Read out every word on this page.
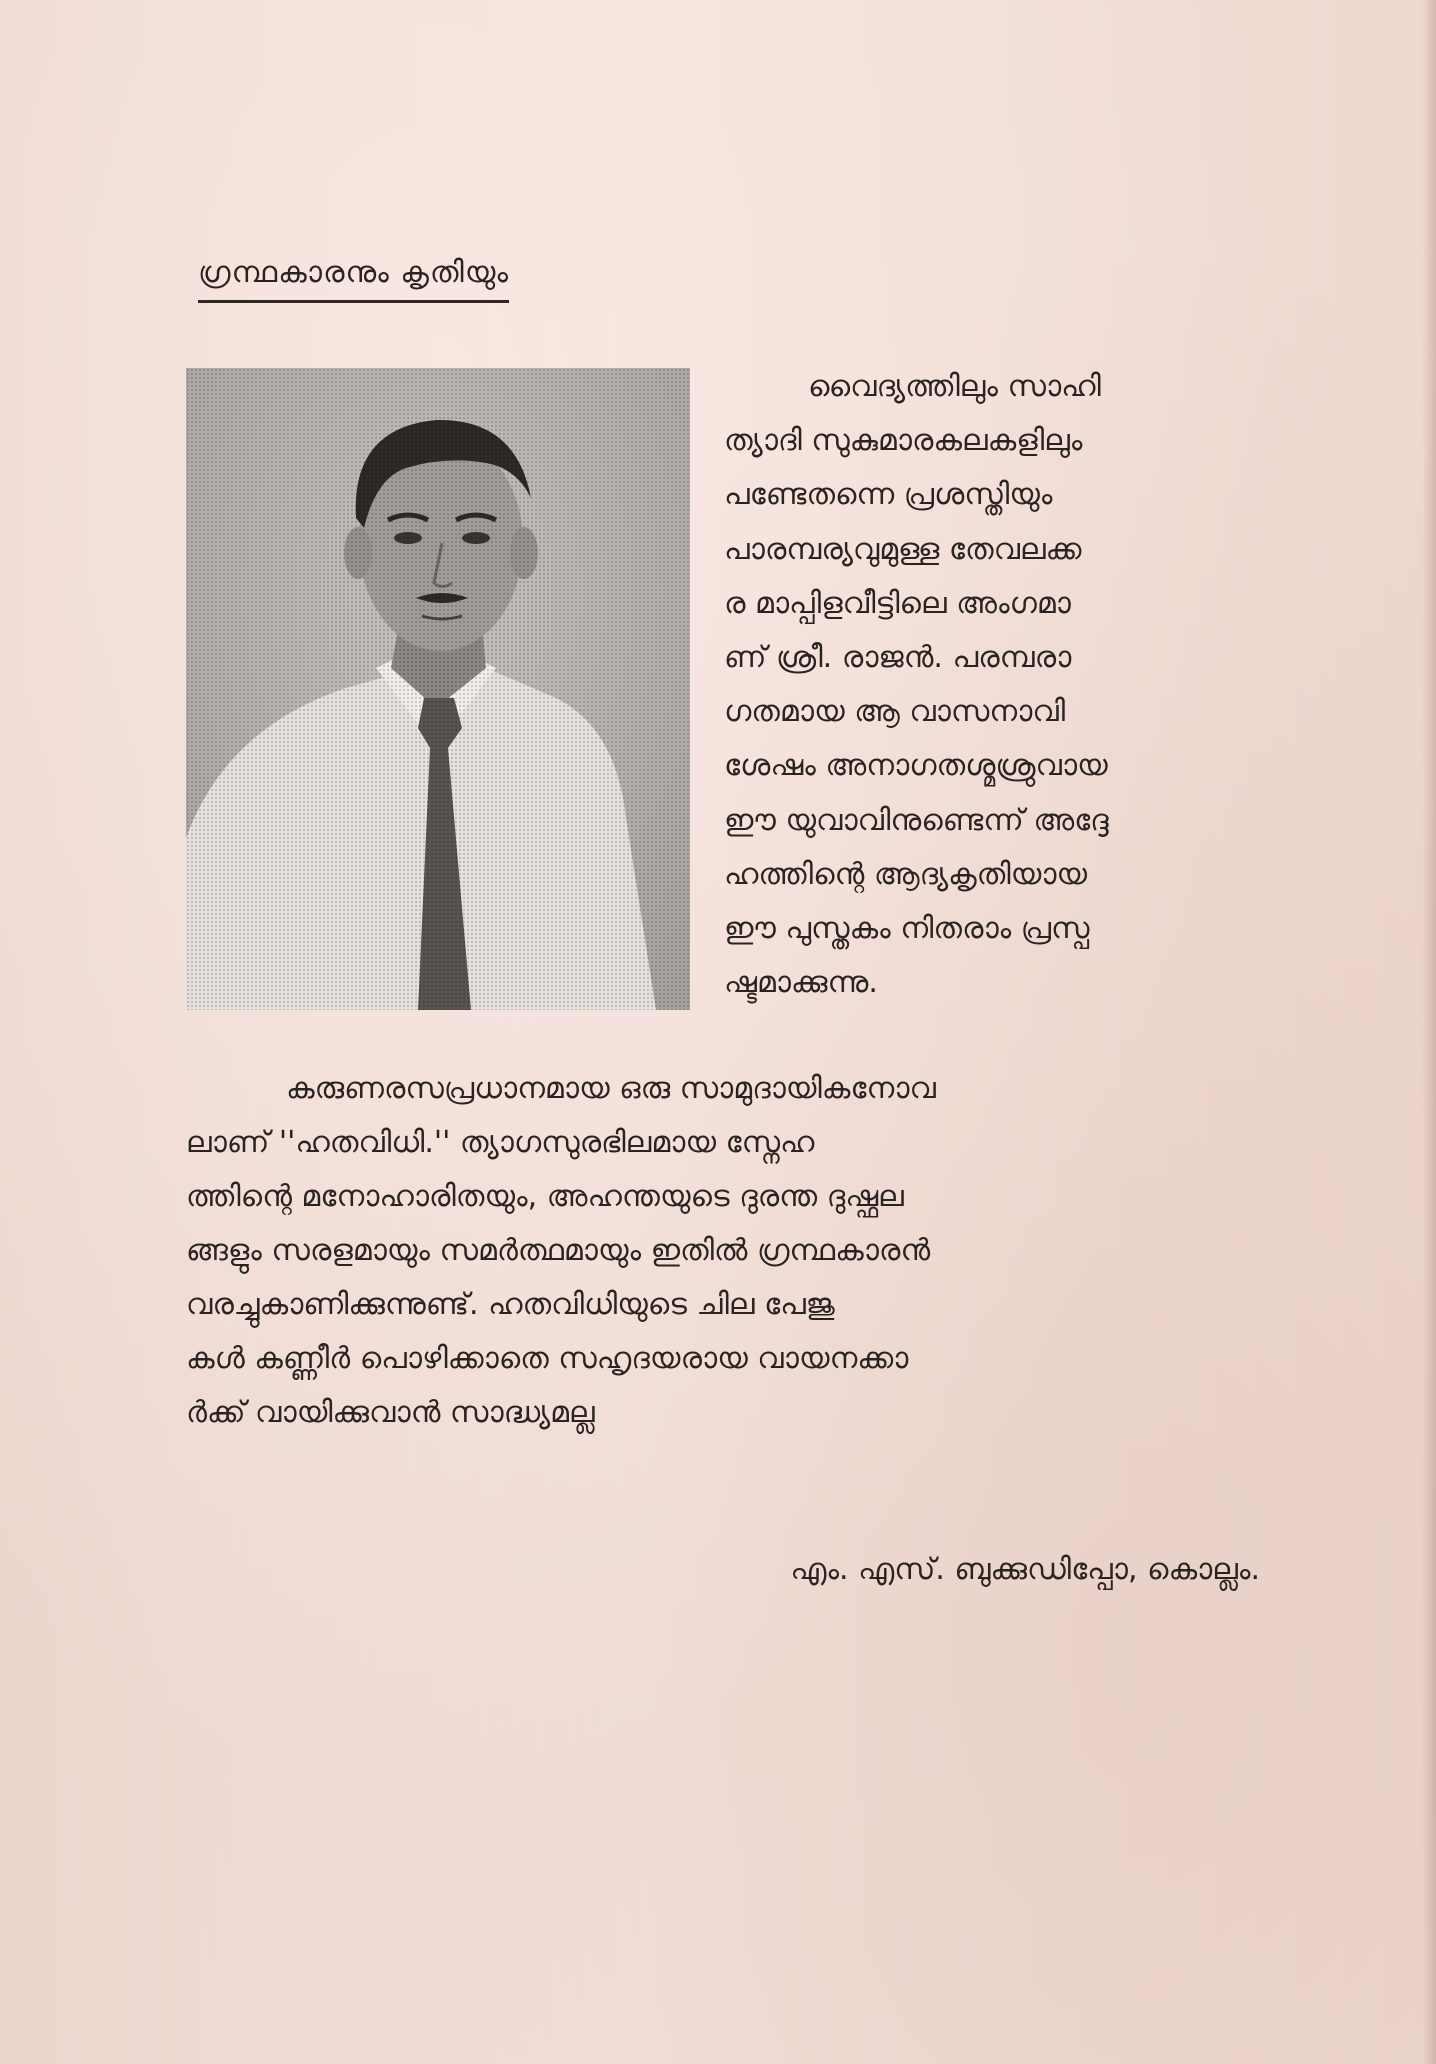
ഗ്രന്ഥകാരനും കൃതിയും
വൈദ്യത്തിലും സാഹി
ത്യാദി സുകുമാരകലകളിലും
പണ്ടേതന്നെ പ്രശസ്തിയും
പാരമ്പര്യവുമുള്ള തേവലക്ക
ര മാപ്പിളവീട്ടിലെ അംഗമാ
ണ് ശ്രീ. രാജൻ. പരമ്പരാ
ഗതമായ ആ വാസനാവി
ശേഷം അനാഗതശ്മശ്രുവായ
ഈ യുവാവിനുണ്ടെന്ന് അദ്ദേ
ഹത്തിന്റെ ആദ്യകൃതിയായ
ഈ പുസ്തകം നിതരാം പ്രസ്പ
ഷ്ടമാക്കുന്നു.
കരുണരസപ്രധാനമായ ഒരു സാമുദായികനോവ
ലാണ് ''ഹതവിധി.'' ത്യാഗസുരഭിലമായ സ്നേഹ
ത്തിന്റെ മനോഹാരിതയും, അഹന്തയുടെ ദുരന്ത ദുഷ്ഫല
ങ്ങളും സരളമായും സമർത്ഥമായും ഇതിൽ ഗ്രന്ഥകാരൻ
വരച്ചുകാണിക്കുന്നുണ്ട്. ഹതവിധിയുടെ ചില പേജു
കൾ കണ്ണീർ പൊഴിക്കാതെ സഹൃദയരായ വായനക്കാ
ർക്ക് വായിക്കുവാൻ സാദ്ധ്യമല്ല
എം. എസ്. ബുക്കുഡിപ്പോ, കൊല്ലം.
